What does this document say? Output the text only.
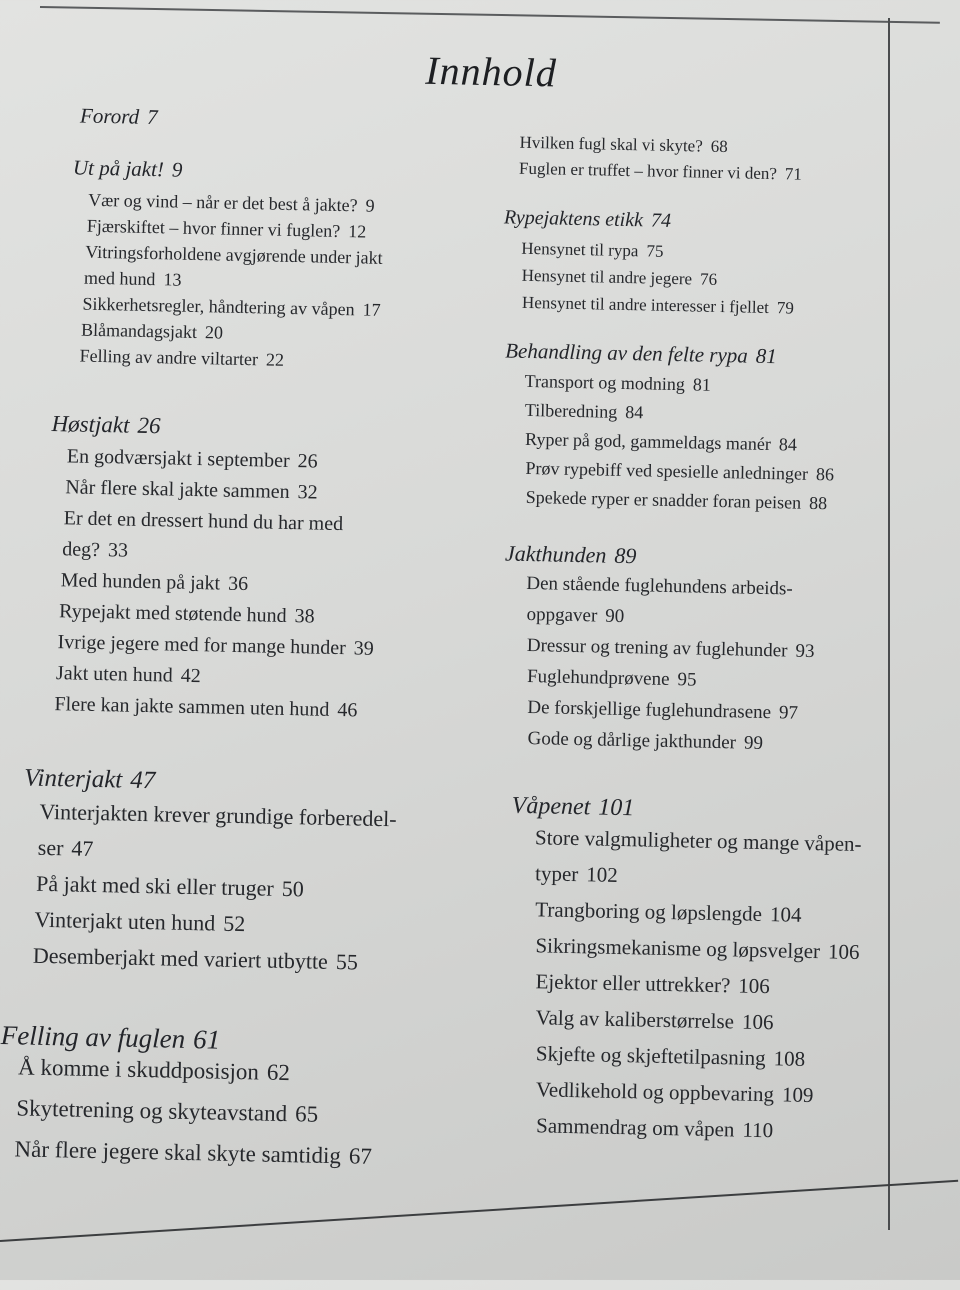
Innhold
Forord 7
Ut på jakt! 9
Vær og vind – når er det best å jakte? 9
Fjærskiftet – hvor finner vi fuglen? 12
Vitringsforholdene avgjørende under jakt
med hund 13
Sikkerhetsregler, håndtering av våpen 17
Blåmandagsjakt 20
Felling av andre viltarter 22
Høstjakt 26
En godværsjakt i september 26
Når flere skal jakte sammen 32
Er det en dressert hund du har med
deg? 33
Med hunden på jakt 36
Rypejakt med støtende hund 38
Ivrige jegere med for mange hunder 39
Jakt uten hund 42
Flere kan jakte sammen uten hund 46
Vinterjakt 47
Vinterjakten krever grundige forberedel-
ser 47
På jakt med ski eller truger 50
Vinterjakt uten hund 52
Desemberjakt med variert utbytte 55
Felling av fuglen 61
Å komme i skuddposisjon 62
Skytetrening og skyteavstand 65
Når flere jegere skal skyte samtidig 67
Hvilken fugl skal vi skyte? 68
Fuglen er truffet – hvor finner vi den? 71
Rypejaktens etikk 74
Hensynet til rypa 75
Hensynet til andre jegere 76
Hensynet til andre interesser i fjellet 79
Behandling av den felte rypa 81
Transport og modning 81
Tilberedning 84
Ryper på god, gammeldags manér 84
Prøv rypebiff ved spesielle anledninger 86
Spekede ryper er snadder foran peisen 88
Jakthunden 89
Den stående fuglehundens arbeids-
oppgaver 90
Dressur og trening av fuglehunder 93
Fuglehundprøvene 95
De forskjellige fuglehundrasene 97
Gode og dårlige jakthunder 99
Våpenet 101
Store valgmuligheter og mange våpen-
typer 102
Trangboring og løpslengde 104
Sikringsmekanisme og løpsvelger 106
Ejektor eller uttrekker? 106
Valg av kaliberstørrelse 106
Skjefte og skjeftetilpasning 108
Vedlikehold og oppbevaring 109
Sammendrag om våpen 110
